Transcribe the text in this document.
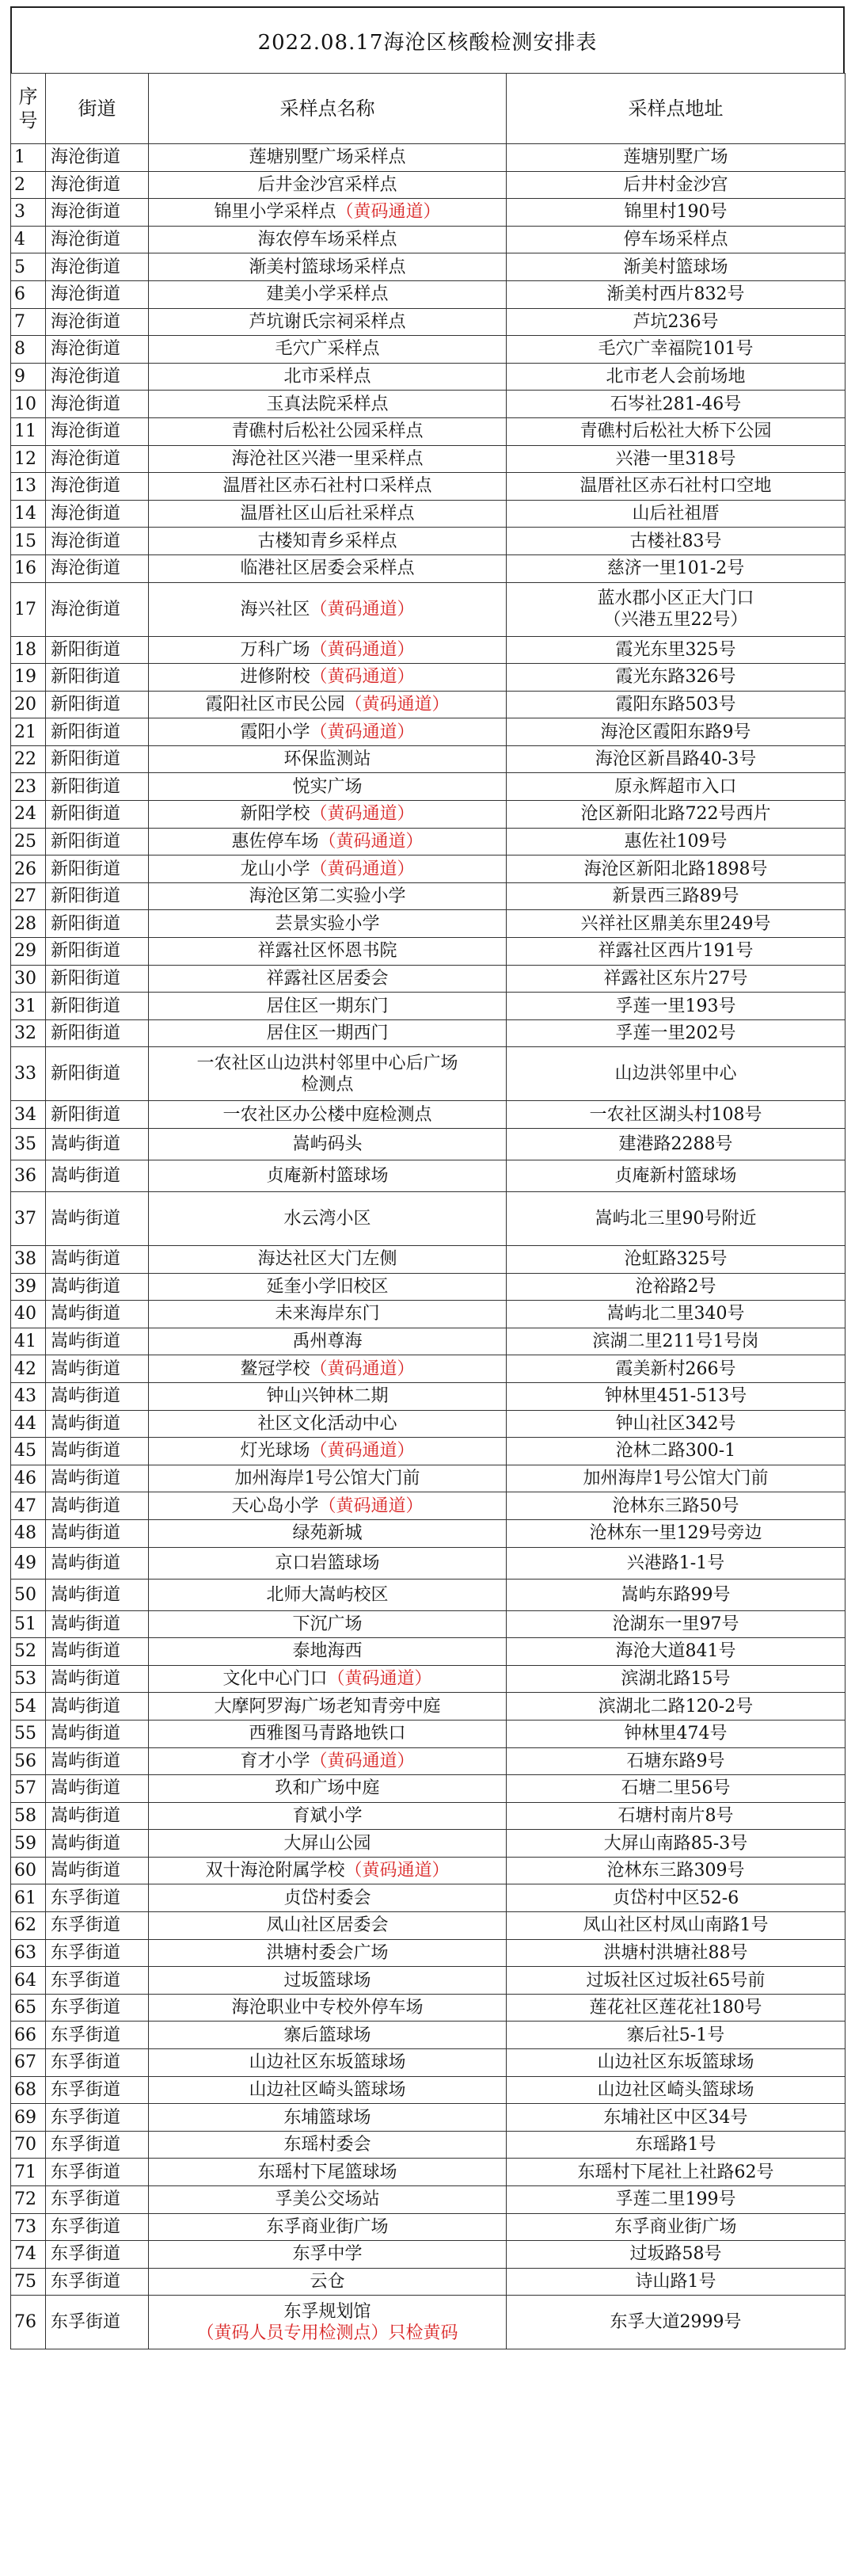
2022.08.17海沧区核酸检测安排表
序号	街道	采样点名称	采样点地址
1	海沧街道	莲塘别墅广场采样点	莲塘别墅广场
2	海沧街道	后井金沙宫采样点	后井村金沙宫
3	海沧街道	锦里小学采样点（黄码通道）	锦里村190号
4	海沧街道	海农停车场采样点	停车场采样点
5	海沧街道	渐美村篮球场采样点	渐美村篮球场
6	海沧街道	建美小学采样点	渐美村西片832号
7	海沧街道	芦坑谢氏宗祠采样点	芦坑236号
8	海沧街道	毛穴广采样点	毛穴广幸福院101号
9	海沧街道	北市采样点	北市老人会前场地
10	海沧街道	玉真法院采样点	石岑社281-46号
11	海沧街道	青礁村后松社公园采样点	青礁村后松社大桥下公园
12	海沧街道	海沧社区兴港一里采样点	兴港一里318号
13	海沧街道	温厝社区赤石社村口采样点	温厝社区赤石社村口空地
14	海沧街道	温厝社区山后社采样点	山后社祖厝
15	海沧街道	古楼知青乡采样点	古楼社83号
16	海沧街道	临港社区居委会采样点	慈济一里101-2号
17	海沧街道	海兴社区（黄码通道）	蓝水郡小区正大门口
（兴港五里22号）
18	新阳街道	万科广场（黄码通道）	霞光东里325号
19	新阳街道	进修附校（黄码通道）	霞光东路326号
20	新阳街道	霞阳社区市民公园（黄码通道）	霞阳东路503号
21	新阳街道	霞阳小学（黄码通道）	海沧区霞阳东路9号
22	新阳街道	环保监测站	海沧区新昌路40-3号
23	新阳街道	悦实广场	原永辉超市入口
24	新阳街道	新阳学校（黄码通道）	沧区新阳北路722号西片
25	新阳街道	惠佐停车场（黄码通道）	惠佐社109号
26	新阳街道	龙山小学（黄码通道）	海沧区新阳北路1898号
27	新阳街道	海沧区第二实验小学	新景西三路89号
28	新阳街道	芸景实验小学	兴祥社区鼎美东里249号
29	新阳街道	祥露社区怀恩书院	祥露社区西片191号
30	新阳街道	祥露社区居委会	祥露社区东片27号
31	新阳街道	居住区一期东门	孚莲一里193号
32	新阳街道	居住区一期西门	孚莲一里202号
33	新阳街道	一农社区山边洪村邻里中心后广场
检测点	山边洪邻里中心
34	新阳街道	一农社区办公楼中庭检测点	一农社区湖头村108号
35	嵩屿街道	嵩屿码头	建港路2288号
36	嵩屿街道	贞庵新村篮球场	贞庵新村篮球场
37	嵩屿街道	水云湾小区	嵩屿北三里90号附近
38	嵩屿街道	海达社区大门左侧	沧虹路325号
39	嵩屿街道	延奎小学旧校区	沧裕路2号
40	嵩屿街道	未来海岸东门	嵩屿北二里340号
41	嵩屿街道	禹州尊海	滨湖二里211号1号岗
42	嵩屿街道	鳌冠学校（黄码通道）	霞美新村266号
43	嵩屿街道	钟山兴钟林二期	钟林里451-513号
44	嵩屿街道	社区文化活动中心	钟山社区342号
45	嵩屿街道	灯光球场（黄码通道）	沧林二路300-1
46	嵩屿街道	加州海岸1号公馆大门前	加州海岸1号公馆大门前
47	嵩屿街道	天心岛小学（黄码通道）	沧林东三路50号
48	嵩屿街道	绿苑新城	沧林东一里129号旁边
49	嵩屿街道	京口岩篮球场	兴港路1-1号
50	嵩屿街道	北师大嵩屿校区	嵩屿东路99号
51	嵩屿街道	下沉广场	沧湖东一里97号
52	嵩屿街道	泰地海西	海沧大道841号
53	嵩屿街道	文化中心门口（黄码通道）	滨湖北路15号
54	嵩屿街道	大摩阿罗海广场老知青旁中庭	滨湖北二路120-2号
55	嵩屿街道	西雅图马青路地铁口	钟林里474号
56	嵩屿街道	育才小学（黄码通道）	石塘东路9号
57	嵩屿街道	玖和广场中庭	石塘二里56号
58	嵩屿街道	育斌小学	石塘村南片8号
59	嵩屿街道	大屏山公园	大屏山南路85-3号
60	嵩屿街道	双十海沧附属学校（黄码通道）	沧林东三路309号
61	东孚街道	贞岱村委会	贞岱村中区52-6
62	东孚街道	凤山社区居委会	凤山社区村凤山南路1号
63	东孚街道	洪塘村委会广场	洪塘村洪塘社88号
64	东孚街道	过坂篮球场	过坂社区过坂社65号前
65	东孚街道	海沧职业中专校外停车场	莲花社区莲花社180号
66	东孚街道	寨后篮球场	寨后社5-1号
67	东孚街道	山边社区东坂篮球场	山边社区东坂篮球场
68	东孚街道	山边社区崎头篮球场	山边社区崎头篮球场
69	东孚街道	东埔篮球场	东埔社区中区34号
70	东孚街道	东瑶村委会	东瑶路1号
71	东孚街道	东瑶村下尾篮球场	东瑶村下尾社上社路62号
72	东孚街道	孚美公交场站	孚莲二里199号
73	东孚街道	东孚商业街广场	东孚商业街广场
74	东孚街道	东孚中学	过坂路58号
75	东孚街道	云仓	诗山路1号
76	东孚街道	东孚规划馆
（黄码人员专用检测点）只检黄码	东孚大道2999号
